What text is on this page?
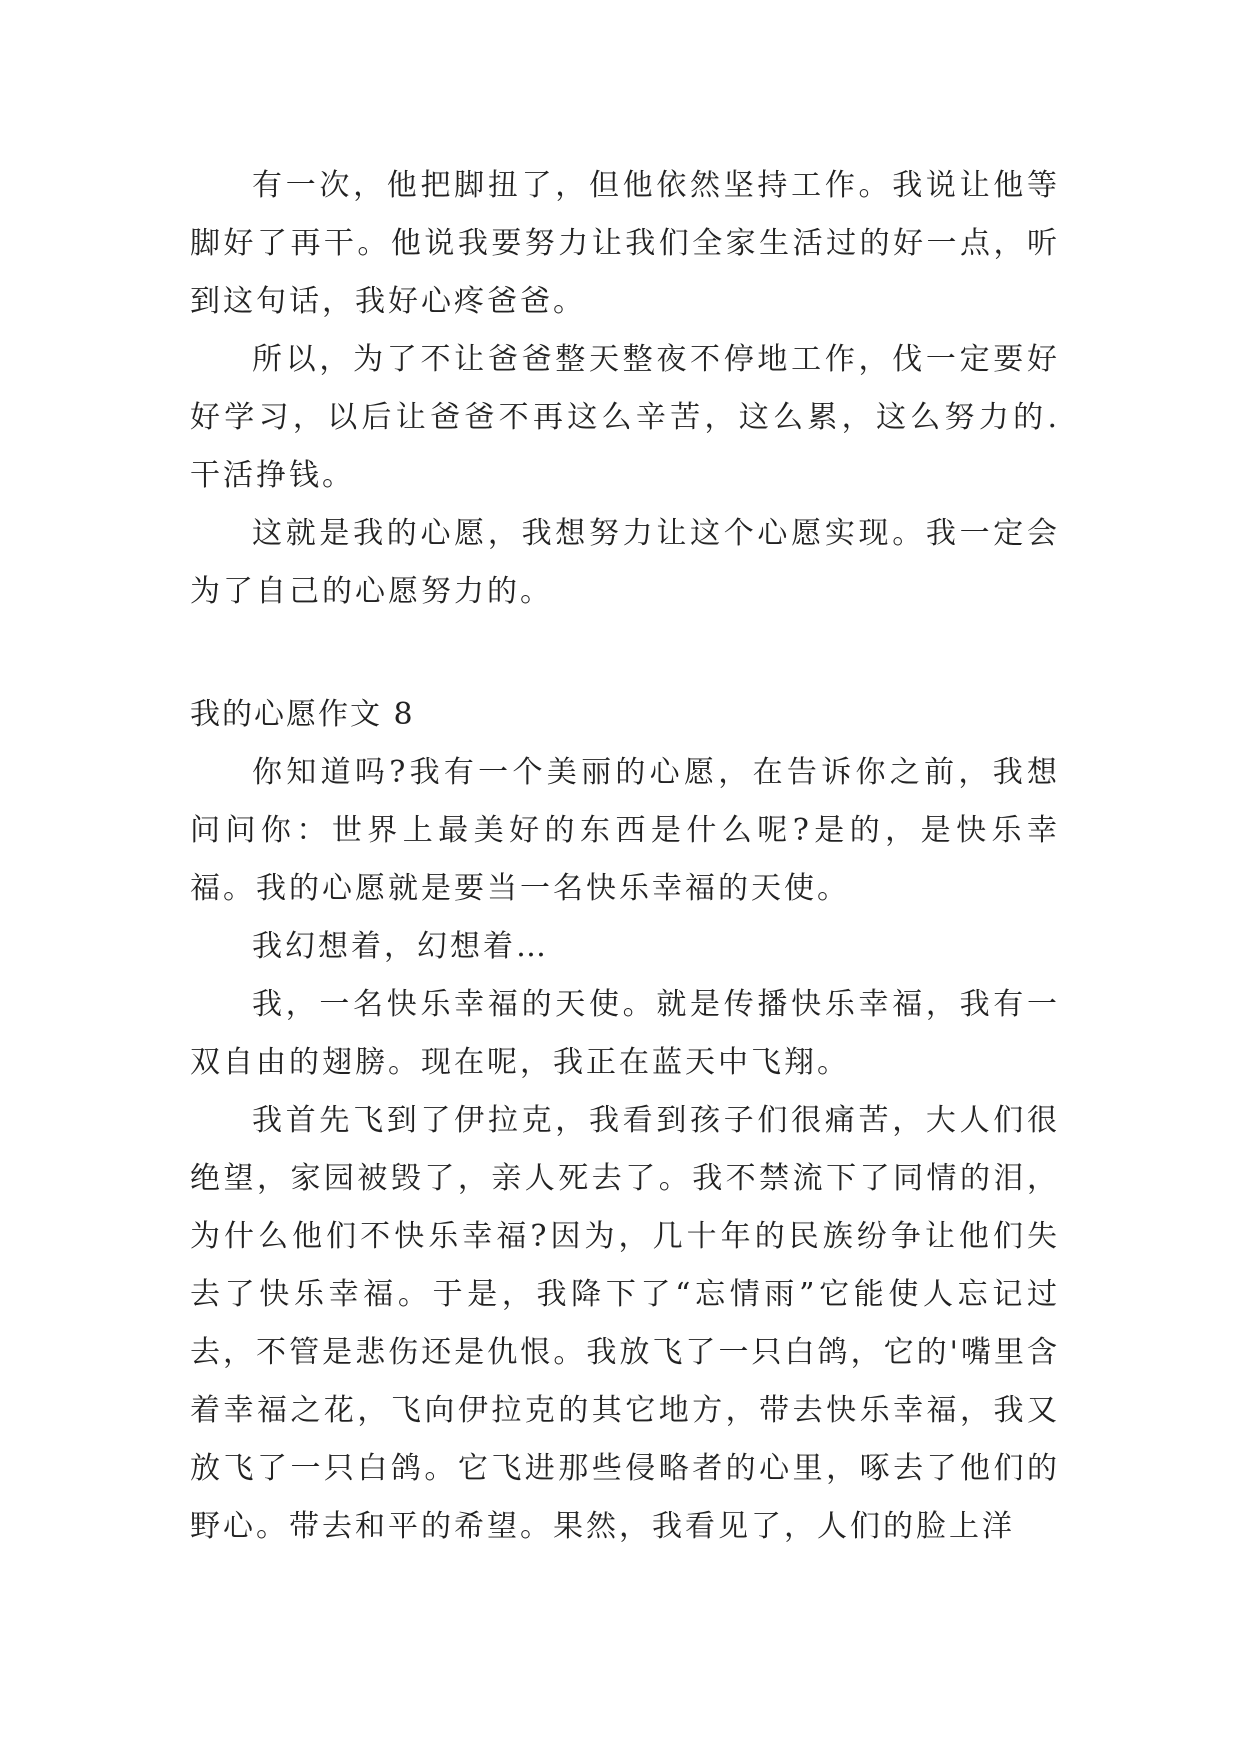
有一次，他把脚扭了，但他依然坚持工作。我说让他等脚好了再干。他说我要努力让我们全家生活过的好一点，听到这句话，我好心疼爸爸。

所以，为了不让爸爸整天整夜不停地工作，伐一定要好好学习，以后让爸爸不再这么辛苦，这么累，这么努力的.干活挣钱。

这就是我的心愿，我想努力让这个心愿实现。我一定会为了自己的心愿努力的。

我的心愿作文 8

你知道吗?我有一个美丽的心愿，在告诉你之前，我想问问你：世界上最美好的东西是什么呢?是的，是快乐幸福。我的心愿就是要当一名快乐幸福的天使。

我幻想着，幻想着…

我，一名快乐幸福的天使。就是传播快乐幸福，我有一双自由的翅膀。现在呢，我正在蓝天中飞翔。

我首先飞到了伊拉克，我看到孩子们很痛苦，大人们很绝望，家园被毁了，亲人死去了。我不禁流下了同情的泪，为什么他们不快乐幸福?因为，几十年的民族纷争让他们失去了快乐幸福。于是，我降下了“忘情雨”它能使人忘记过去，不管是悲伤还是仇恨。我放飞了一只白鸽，它的'嘴里含着幸福之花，飞向伊拉克的其它地方，带去快乐幸福，我又放飞了一只白鸽。它飞进那些侵略者的心里，啄去了他们的野心。带去和平的希望。果然，我看见了，人们的脸上洋
